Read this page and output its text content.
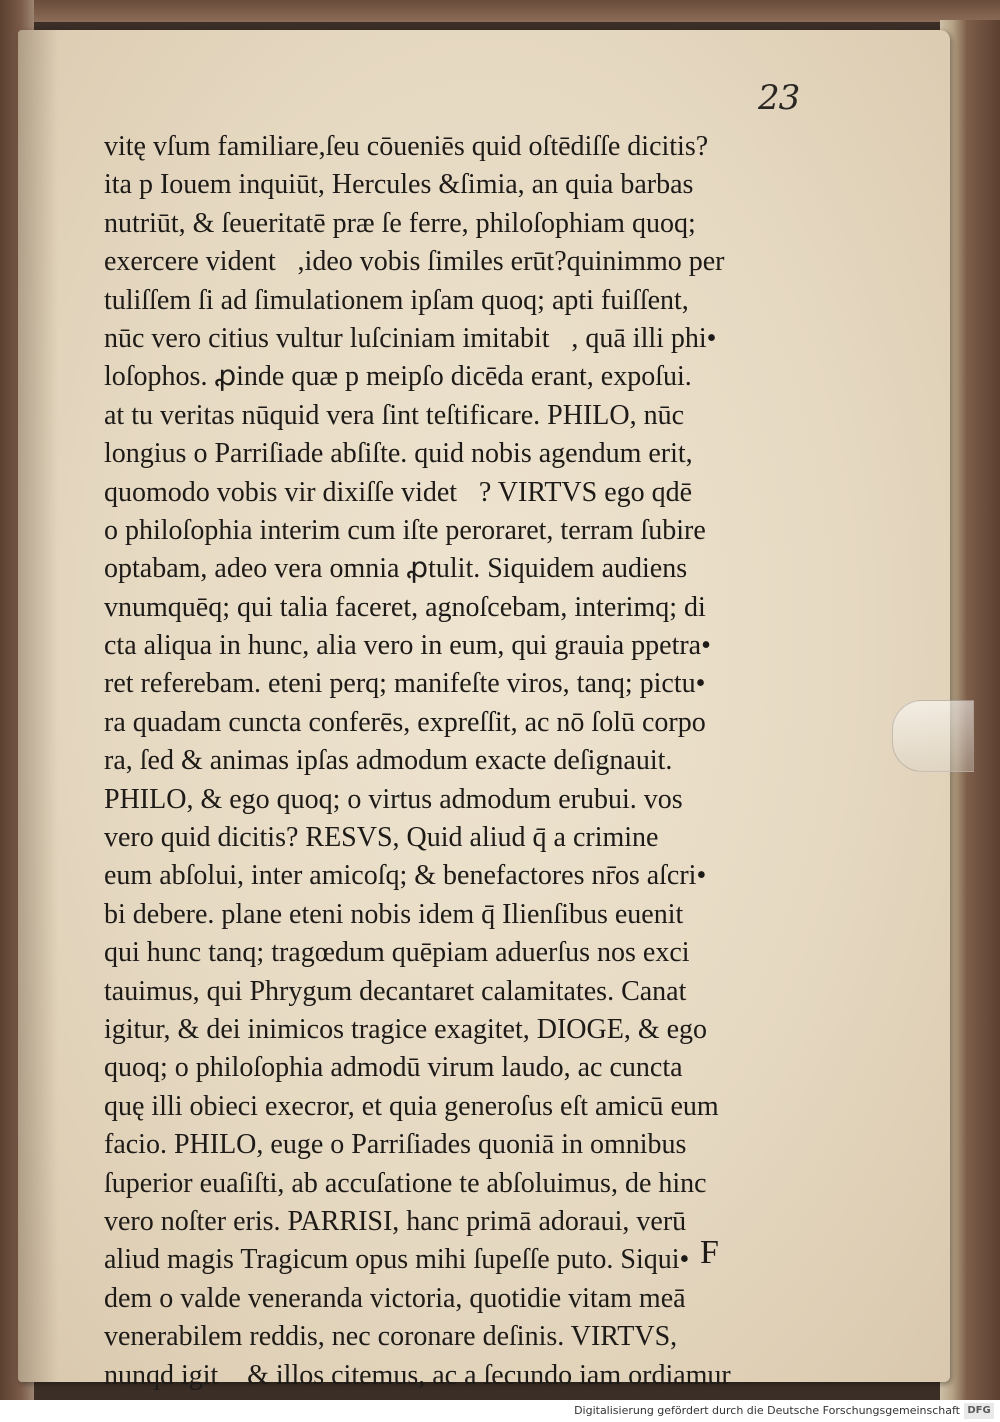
23
vitę vſum familiare,ſeu cōueniēs quid oſtēdiſſe dicitis?
ita p Iouem inquiūt, Hercules &ſimia, an quia barbas
nutriūt, & ſeueritatē præ ſe ferre, philoſophiam quoq;
exercere videntᷣ,ideo vobis ſimiles erūt?quinimmo per
tuliſſem ſi ad ſimulationem ipſam quoq; apti fuiſſent,
nūc vero citius vultur luſciniam imitabitᷣ, quā illi phi•
loſophos. ꝓinde quæ p meipſo dicēda erant, expoſui.
at tu veritas nūquid vera ſint teſtificare. PHILO, nūc
longius o Parriſiade abſiſte. quid nobis agendum erit,
quomodo vobis vir dixiſſe videtᷣ? VIRTVS ego qdē
o philoſophia interim cum iſte peroraret, terram ſubire
optabam, adeo vera omnia ꝓtulit. Siquidem audiens
vnumquēq; qui talia faceret, agnoſcebam, interimq; di
cta aliqua in hunc, alia vero in eum, qui grauia ppetra•
ret referebam. eteni perq; manifeſte viros, tanq; pictu•
ra quadam cuncta conferēs, expreſſit, ac nō ſolū corpo
ra, ſed & animas ipſas admodum exacte deſignauit.
PHILO, & ego quoq; o virtus admodum erubui. vos
vero quid dicitis? RESVS, Quid aliud q̄ a crimine
eum abſolui, inter amicoſq; & benefactores nr̄os aſcri•
bi debere. plane eteni nobis idem q̄ Ilienſibus euenit
qui hunc tanq; tragœdum quēpiam aduerſus nos exci
tauimus, qui Phrygum decantaret calamitates. Canat
igitur, & dei inimicos tragice exagitet, DIOGE, & ego
quoq; o philoſophia admodū virum laudo, ac cuncta
quę illi obieci execror, et quia generoſus eſt amicū eum
facio. PHILO, euge o Parriſiades quoniā in omnibus
ſuperior euaſiſti, ab accuſatione te abſoluimus, de hinc
vero noſter eris. PARRISI, hanc primā adoraui, verū
aliud magis Tragicum opus mihi ſupeſſe puto. Siqui•
dem o valde veneranda victoria, quotidie vitam meā
venerabilem reddis, nec coronare deſinis. VIRTVS,
nunqd igitᷣ & illos citemus, ac a ſecundo iam ordiamur
F
Digitalisierung gefördert durch die Deutsche Forschungsgemeinschaft DFG
